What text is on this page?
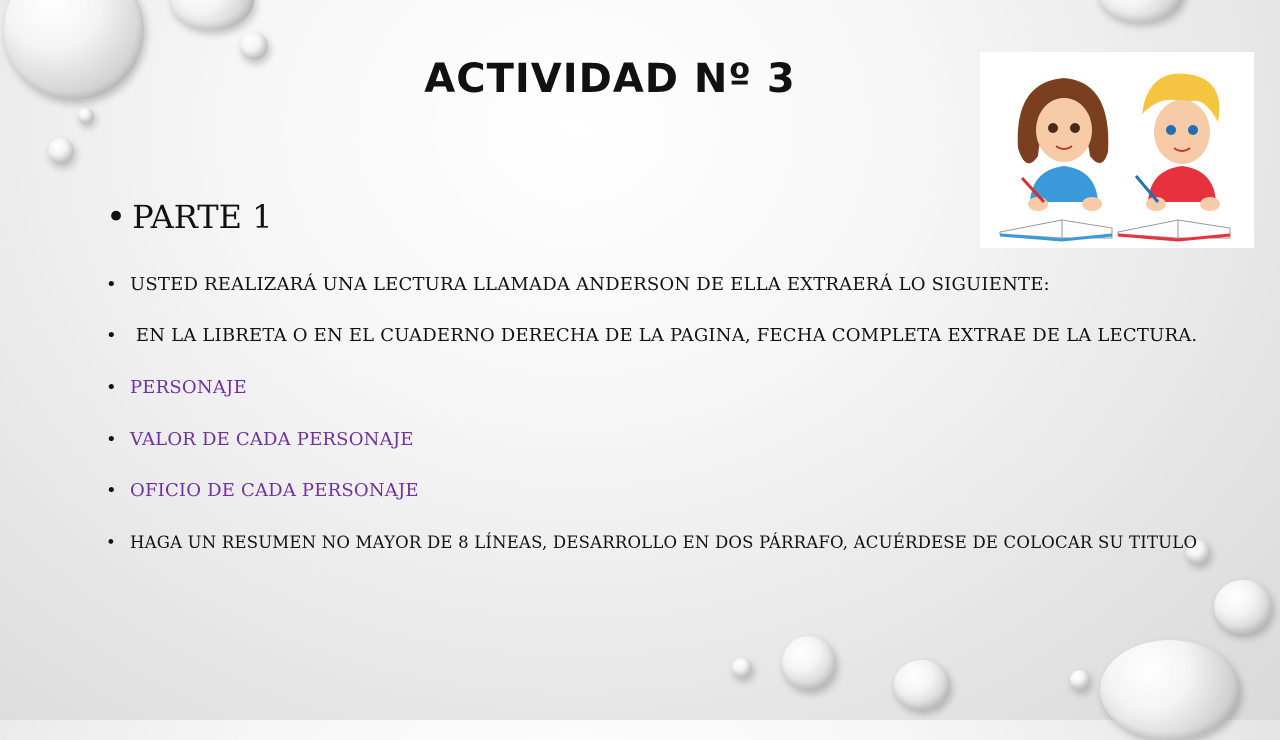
ACTIVIDAD Nº 3
• PARTE 1
• USTED REALIZARÁ UNA LECTURA LLAMADA ANDERSON DE ELLA EXTRAERÁ LO SIGUIENTE:
• EN LA LIBRETA O EN EL CUADERNO DERECHA DE LA PAGINA, FECHA COMPLETA EXTRAE DE LA LECTURA.
• PERSONAJE
• VALOR DE CADA PERSONAJE
• OFICIO DE CADA PERSONAJE
• HAGA UN RESUMEN NO MAYOR DE 8 LÍNEAS, DESARROLLO EN DOS PÁRRAFO, ACUÉRDESE DE COLOCAR SU TITULO
